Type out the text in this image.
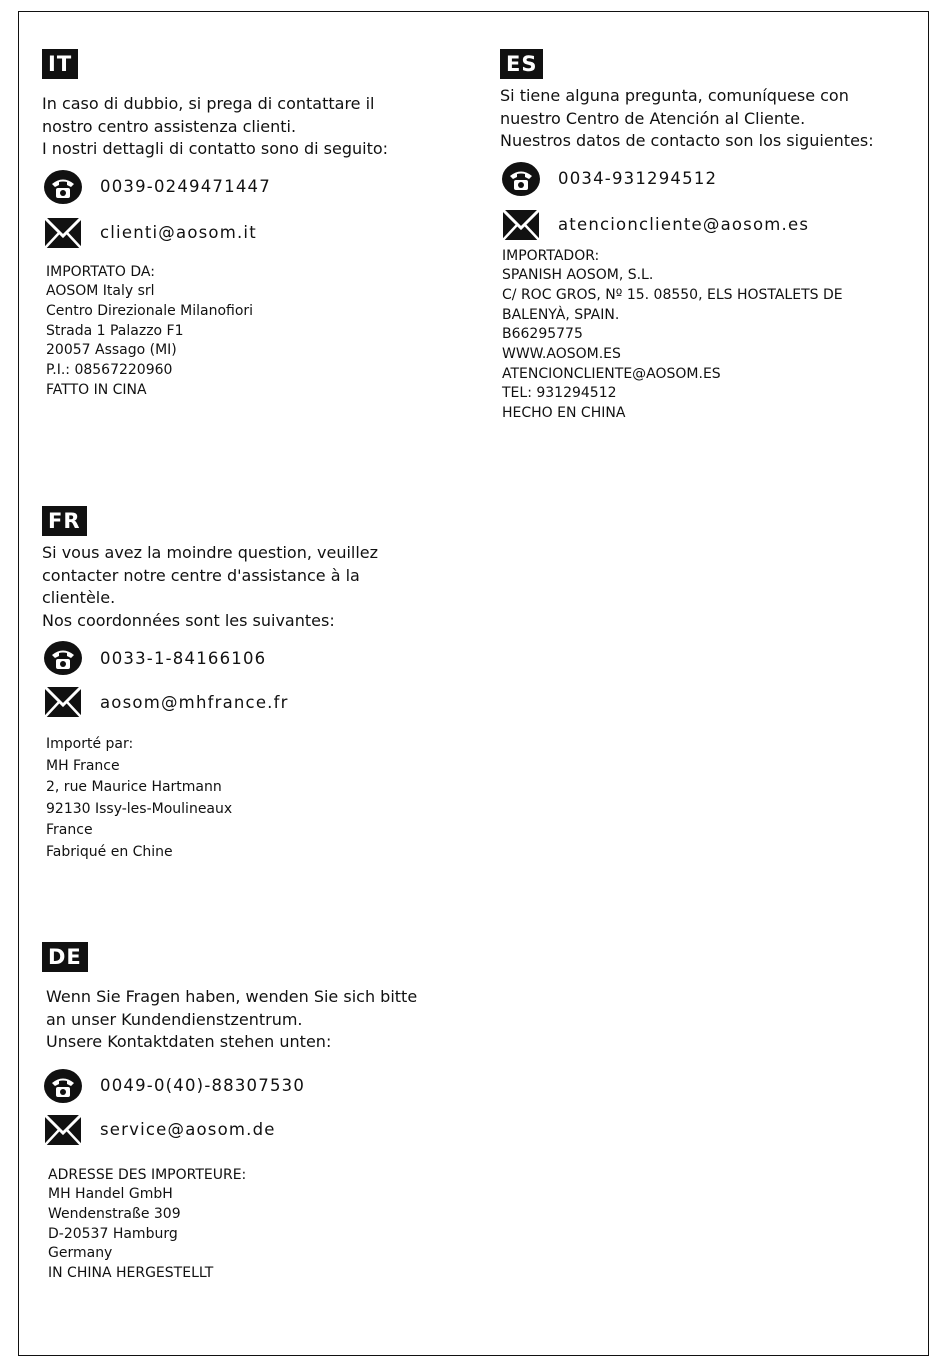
IT
In caso di dubbio, si prega di contattare il
nostro centro assistenza clienti.
I nostri dettagli di contatto sono di seguito:
0039-0249471447
clienti@aosom.it
IMPORTATO DA:
AOSOM Italy srl
Centro Direzionale Milanofiori
Strada 1 Palazzo F1
20057 Assago (MI)
P.I.: 08567220960
FATTO IN CINA
ES
Si tiene alguna pregunta, comuníquese con
nuestro Centro de Atención al Cliente.
Nuestros datos de contacto son los siguientes:
0034-931294512
atencioncliente@aosom.es
IMPORTADOR:
SPANISH AOSOM, S.L.
C/ ROC GROS, Nº 15. 08550, ELS HOSTALETS DE
BALENYÀ, SPAIN.
B66295775
WWW.AOSOM.ES
ATENCIONCLIENTE@AOSOM.ES
TEL: 931294512
HECHO EN CHINA
FR
Si vous avez la moindre question, veuillez
contacter notre centre d'assistance à la
clientèle.
Nos coordonnées sont les suivantes:
0033-1-84166106
aosom@mhfrance.fr
Importé par:
MH France
2, rue Maurice Hartmann
92130 Issy-les-Moulineaux
France
Fabriqué en Chine
DE
Wenn Sie Fragen haben, wenden Sie sich bitte
an unser Kundendienstzentrum.
Unsere Kontaktdaten stehen unten:
0049-0(40)-88307530
service@aosom.de
ADRESSE DES IMPORTEURE:
MH Handel GmbH
Wendenstraße 309
D-20537 Hamburg
Germany
IN CHINA HERGESTELLT
